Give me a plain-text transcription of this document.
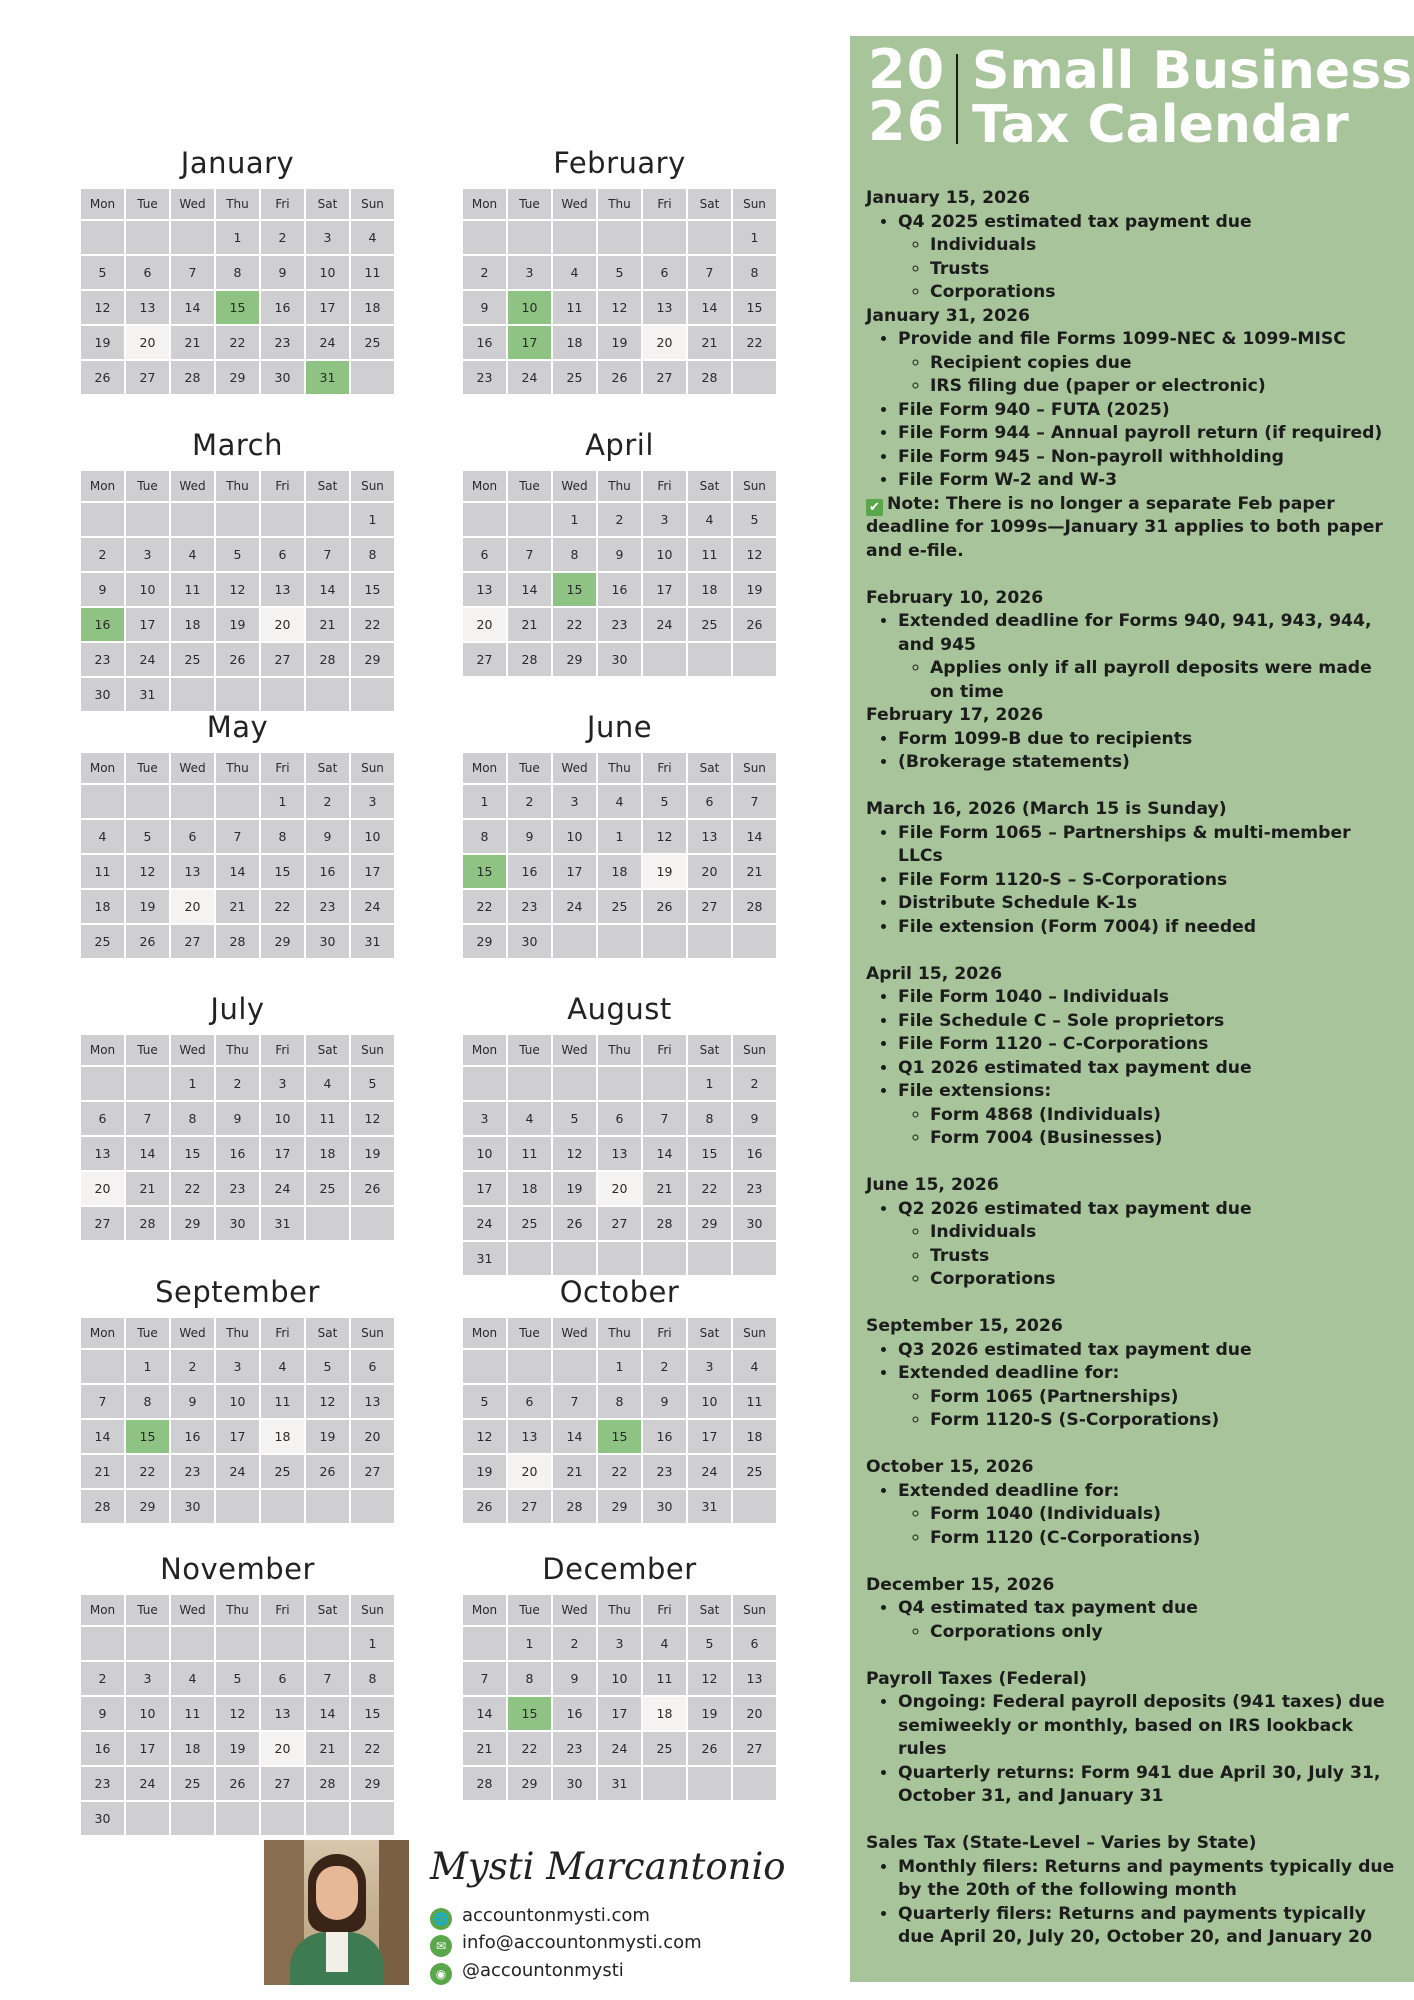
January
Mon	Tue	Wed	Thu	Fri	Sat	Sun
			1	2	3	4
5	6	7	8	9	10	11
12	13	14	15	16	17	18
19	20	21	22	23	24	25
26	27	28	29	30	31	
February
Mon	Tue	Wed	Thu	Fri	Sat	Sun
						1
2	3	4	5	6	7	8
9	10	11	12	13	14	15
16	17	18	19	20	21	22
23	24	25	26	27	28	
March
Mon	Tue	Wed	Thu	Fri	Sat	Sun
						1
2	3	4	5	6	7	8
9	10	11	12	13	14	15
16	17	18	19	20	21	22
23	24	25	26	27	28	29
30	31					
April
Mon	Tue	Wed	Thu	Fri	Sat	Sun
		1	2	3	4	5
6	7	8	9	10	11	12
13	14	15	16	17	18	19
20	21	22	23	24	25	26
27	28	29	30			
May
Mon	Tue	Wed	Thu	Fri	Sat	Sun
				1	2	3
4	5	6	7	8	9	10
11	12	13	14	15	16	17
18	19	20	21	22	23	24
25	26	27	28	29	30	31
June
Mon	Tue	Wed	Thu	Fri	Sat	Sun
1	2	3	4	5	6	7
8	9	10	1	12	13	14
15	16	17	18	19	20	21
22	23	24	25	26	27	28
29	30					
July
Mon	Tue	Wed	Thu	Fri	Sat	Sun
		1	2	3	4	5
6	7	8	9	10	11	12
13	14	15	16	17	18	19
20	21	22	23	24	25	26
27	28	29	30	31		
August
Mon	Tue	Wed	Thu	Fri	Sat	Sun
					1	2
3	4	5	6	7	8	9
10	11	12	13	14	15	16
17	18	19	20	21	22	23
24	25	26	27	28	29	30
31						
September
Mon	Tue	Wed	Thu	Fri	Sat	Sun
	1	2	3	4	5	6
7	8	9	10	11	12	13
14	15	16	17	18	19	20
21	22	23	24	25	26	27
28	29	30				
October
Mon	Tue	Wed	Thu	Fri	Sat	Sun
			1	2	3	4
5	6	7	8	9	10	11
12	13	14	15	16	17	18
19	20	21	22	23	24	25
26	27	28	29	30	31	
November
Mon	Tue	Wed	Thu	Fri	Sat	Sun
						1
2	3	4	5	6	7	8
9	10	11	12	13	14	15
16	17	18	19	20	21	22
23	24	25	26	27	28	29
30						
December
Mon	Tue	Wed	Thu	Fri	Sat	Sun
	1	2	3	4	5	6
7	8	9	10	11	12	13
14	15	16	17	18	19	20
21	22	23	24	25	26	27
28	29	30	31			
20
26
Small Business
Tax Calendar
January 15, 2026
• Q4 2025 estimated tax payment due
◦ Individuals
◦ Trusts
◦ Corporations
January 31, 2026
• Provide and file Forms 1099-NEC & 1099-MISC
◦ Recipient copies due
◦ IRS filing due (paper or electronic)
• File Form 940 – FUTA (2025)
• File Form 944 – Annual payroll return (if required)
• File Form 945 – Non-payroll withholding
• File Form W-2 and W-3
✔ Note: There is no longer a separate Feb paper deadline for 1099s—January 31 applies to both paper and e-file.
February 10, 2026
• Extended deadline for Forms 940, 941, 943, 944, and 945
◦ Applies only if all payroll deposits were made on time
February 17, 2026
• Form 1099-B due to recipients
• (Brokerage statements)
March 16, 2026 (March 15 is Sunday)
• File Form 1065 – Partnerships & multi-member LLCs
• File Form 1120-S – S-Corporations
• Distribute Schedule K-1s
• File extension (Form 7004) if needed
April 15, 2026
• File Form 1040 – Individuals
• File Schedule C – Sole proprietors
• File Form 1120 – C-Corporations
• Q1 2026 estimated tax payment due
• File extensions:
◦ Form 4868 (Individuals)
◦ Form 7004 (Businesses)
June 15, 2026
• Q2 2026 estimated tax payment due
◦ Individuals
◦ Trusts
◦ Corporations
September 15, 2026
• Q3 2026 estimated tax payment due
• Extended deadline for:
◦ Form 1065 (Partnerships)
◦ Form 1120-S (S-Corporations)
October 15, 2026
• Extended deadline for:
◦ Form 1040 (Individuals)
◦ Form 1120 (C-Corporations)
December 15, 2026
• Q4 estimated tax payment due
◦ Corporations only
Payroll Taxes (Federal)
• Ongoing: Federal payroll deposits (941 taxes) due semiweekly or monthly, based on IRS lookback rules
• Quarterly returns: Form 941 due April 30, July 31, October 31, and January 31
Sales Tax (State-Level – Varies by State)
• Monthly filers: Returns and payments typically due by the 20th of the following month
• Quarterly filers: Returns and payments typically due April 20, July 20, October 20, and January 20
Mysti Marcantonio
🌐 accountonmysti.com
✉ info@accountonmysti.com
◉ @accountonmysti
